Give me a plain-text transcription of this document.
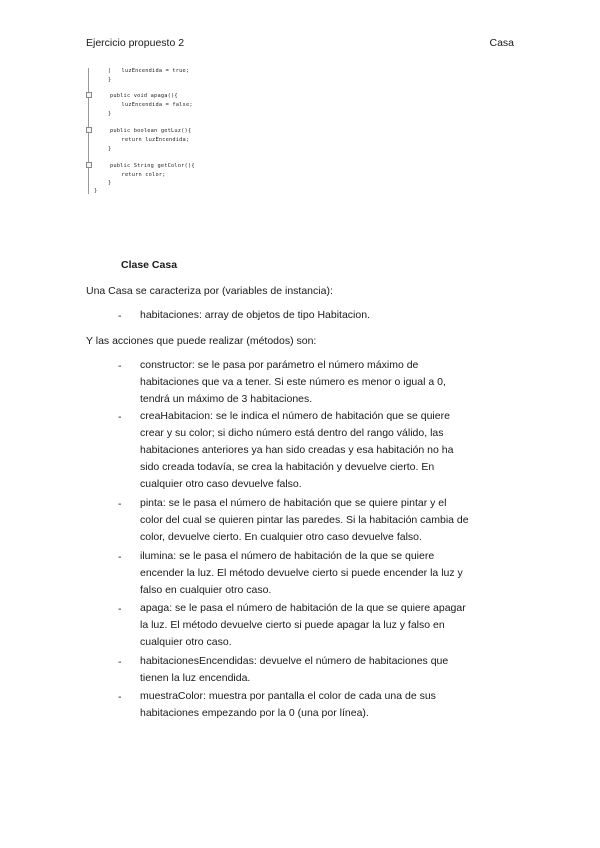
Ejercicio propuesto 2	Casa
|   luzEncendida = true;
}
public void apaga(){
luzEncendida = false;
}
public boolean getLuz(){
return luzEncendida;
}
public String getColor(){
return color;
}
}
Clase Casa
Una Casa se caracteriza por (variables de instancia):
- habitaciones: array de objetos de tipo Habitacion.
Y las acciones que puede realizar (métodos) son:
- constructor: se le pasa por parámetro el número máximo de
habitaciones que va a tener. Si este número es menor o igual a 0,
tendrá un máximo de 3 habitaciones.
- creaHabitacion: se le indica el número de habitación que se quiere
crear y su color; si dicho número está dentro del rango válido, las
habitaciones anteriores ya han sido creadas y esa habitación no ha
sido creada todavía, se crea la habitación y devuelve cierto. En
cualquier otro caso devuelve falso.
- pinta: se le pasa el número de habitación que se quiere pintar y el
color del cual se quieren pintar las paredes. Si la habitación cambia de
color, devuelve cierto. En cualquier otro caso devuelve falso.
- ilumina: se le pasa el número de habitación de la que se quiere
encender la luz. El método devuelve cierto si puede encender la luz y
falso en cualquier otro caso.
- apaga: se le pasa el número de habitación de la que se quiere apagar
la luz. El método devuelve cierto si puede apagar la luz y falso en
cualquier otro caso.
- habitacionesEncendidas: devuelve el número de habitaciones que
tienen la luz encendida.
- muestraColor: muestra por pantalla el color de cada una de sus
habitaciones empezando por la 0 (una por línea).
